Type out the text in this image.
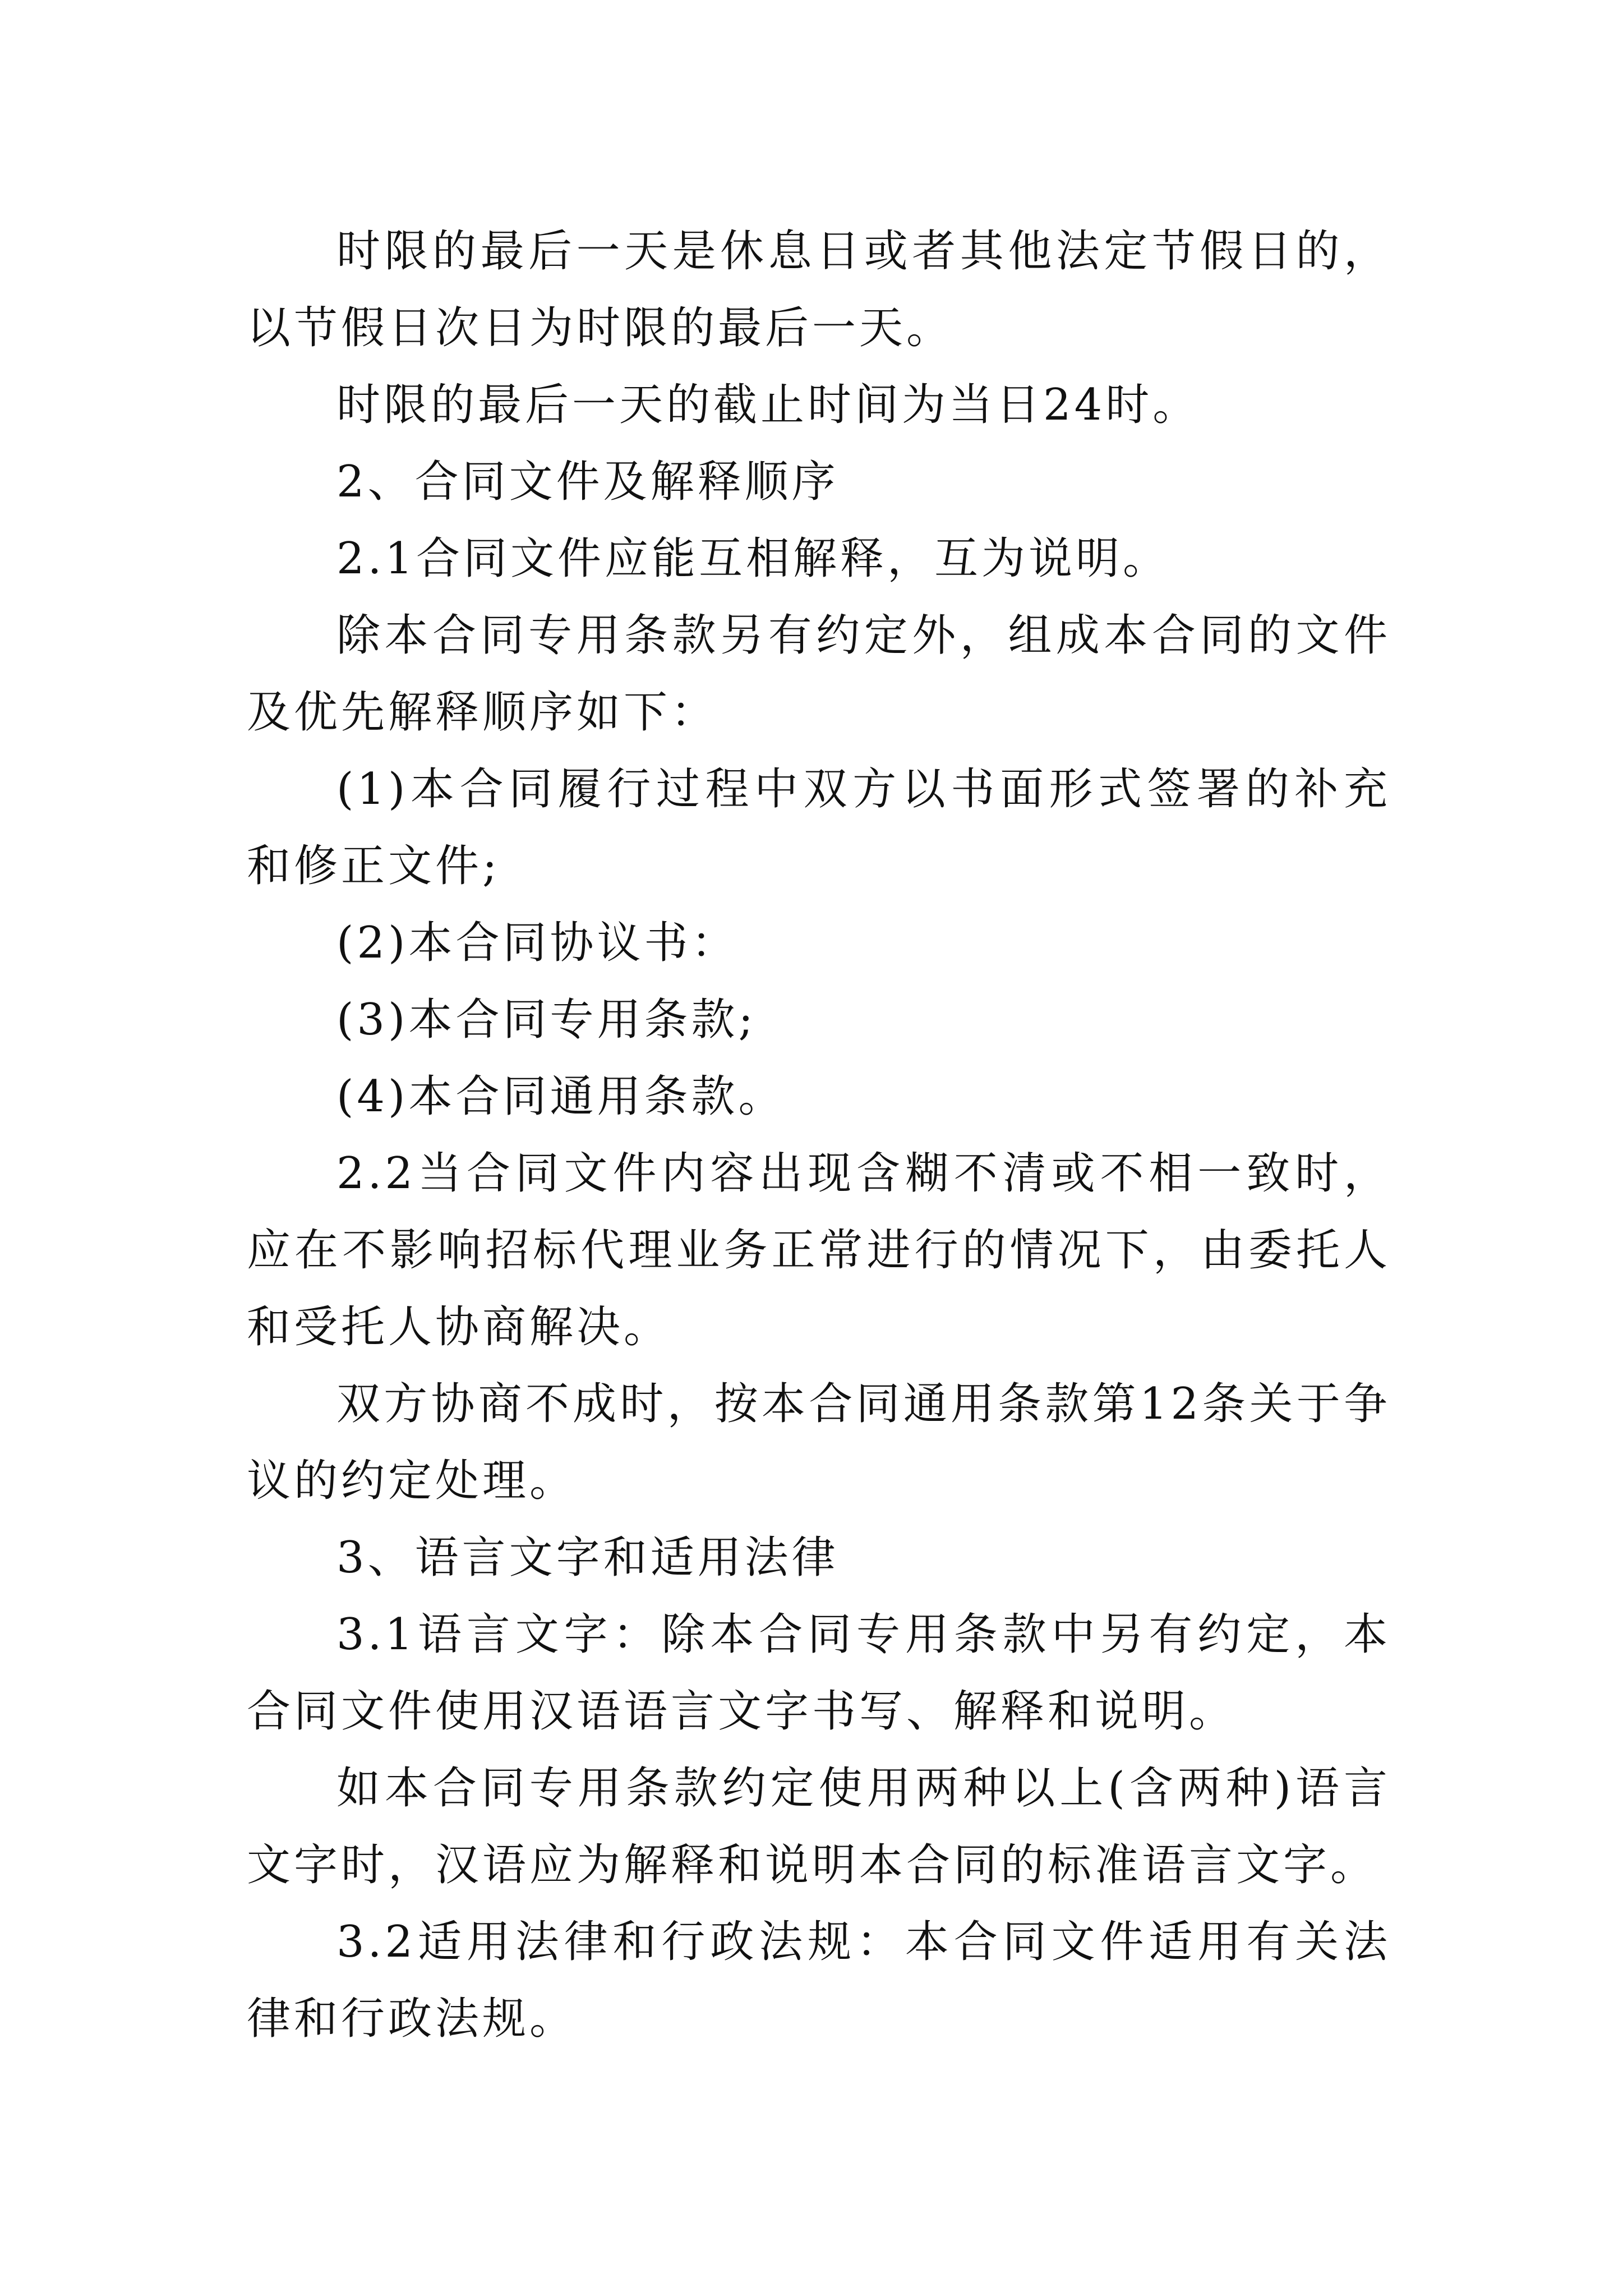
时限的最后一天是休息日或者其他法定节假日的，以节假日次日为时限的最后一天。

时限的最后一天的截止时间为当日24时。

2、合同文件及解释顺序

2.1合同文件应能互相解释，互为说明。

除本合同专用条款另有约定外，组成本合同的文件及优先解释顺序如下：

(1)本合同履行过程中双方以书面形式签署的补充和修正文件;

(2)本合同协议书：

(3)本合同专用条款;

(4)本合同通用条款。

2.2当合同文件内容出现含糊不清或不相一致时，应在不影响招标代理业务正常进行的情况下，由委托人和受托人协商解决。

双方协商不成时，按本合同通用条款第12条关于争议的约定处理。

3、语言文字和适用法律

3.1语言文字：除本合同专用条款中另有约定，本合同文件使用汉语语言文字书写、解释和说明。

如本合同专用条款约定使用两种以上(含两种)语言文字时，汉语应为解释和说明本合同的标准语言文字。

3.2适用法律和行政法规：本合同文件适用有关法律和行政法规。
